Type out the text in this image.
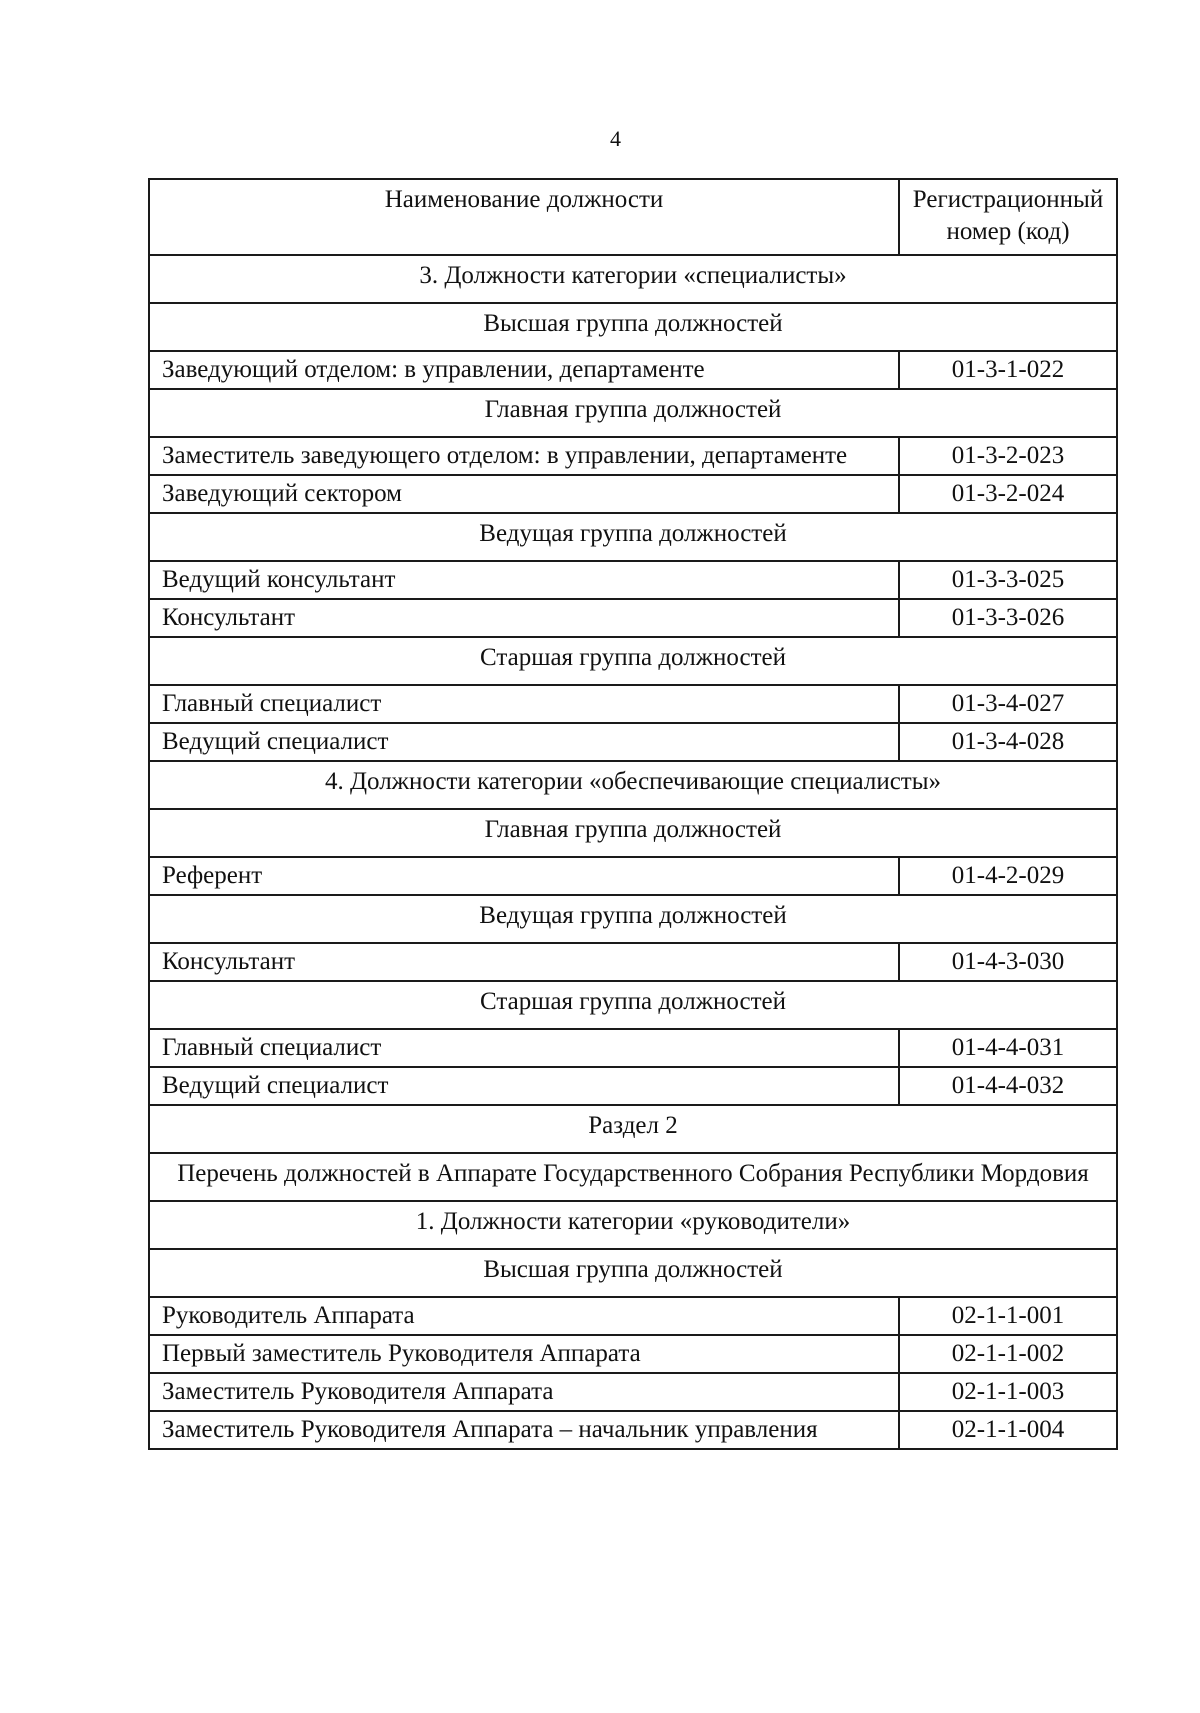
4
Наименование должности	Регистрационный номер (код)
3. Должности категории «специалисты»	
Высшая группа должностей	
Заведующий отделом: в управлении, департаменте	01-3-1-022
Главная группа должностей	
Заместитель заведующего отделом: в управлении, департаменте	01-3-2-023
Заведующий сектором	01-3-2-024
Ведущая группа должностей	
Ведущий консультант	01-3-3-025
Консультант	01-3-3-026
Старшая группа должностей	
Главный специалист	01-3-4-027
Ведущий специалист	01-3-4-028
4. Должности категории «обеспечивающие специалисты»	
Главная группа должностей	
Референт	01-4-2-029
Ведущая группа должностей	
Консультант	01-4-3-030
Старшая группа должностей	
Главный специалист	01-4-4-031
Ведущий специалист	01-4-4-032
Раздел 2	
Перечень должностей в Аппарате Государственного Собрания Республики Мордовия	
1. Должности категории «руководители»	
Высшая группа должностей	
Руководитель Аппарата	02-1-1-001
Первый заместитель Руководителя Аппарата	02-1-1-002
Заместитель Руководителя Аппарата	02-1-1-003
Заместитель Руководителя Аппарата – начальник управления	02-1-1-004
